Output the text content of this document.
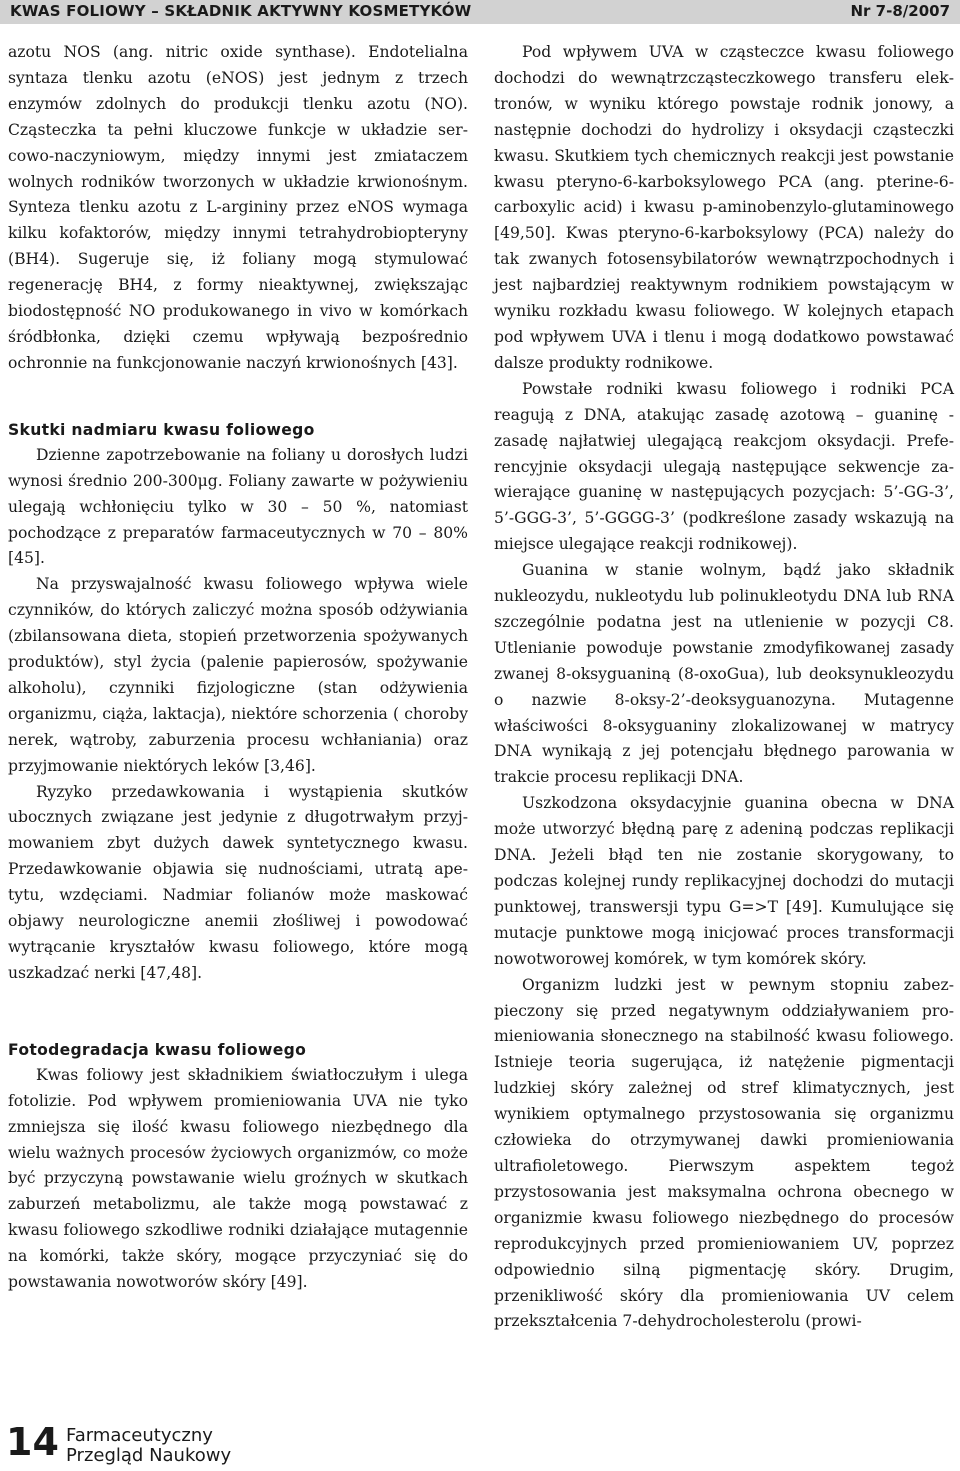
KWAS FOLIOWY – SKŁADNIK AKTYWNY KOSMETYKÓW	Nr 7-8/2007

azotu NOS (ang. nitric oxide synthase). Endotelialna syntaza tlenku azotu (eNOS) jest jednym z trzech enzymów zdolnych do produkcji tlenku azotu (NO). Cząsteczka ta pełni kluczowe funkcje w układzie sercowo-naczyniowym, między innymi jest zmiataczem wolnych rodników tworzonych w układzie krwionośnym. Synteza tlenku azotu z L-argininy przez eNOS wymaga kilku kofaktorów, między innymi tetrahydrobiopteryny (BH4). Sugeruje się, iż foliany mogą stymulować regenerację BH4, z formy nieaktywnej, zwiększając biodostępność NO produkowanego in vivo w komórkach śródbłonka, dzięki czemu wpływają bezpośrednio ochronnie na funkcjonowanie naczyń krwionośnych [43].

Skutki nadmiaru kwasu foliowego

Dzienne zapotrzebowanie na foliany u dorosłych ludzi wynosi średnio 200-300μg. Foliany zawarte w pożywieniu ulegają wchłonięciu tylko w 30 – 50 %, natomiast pochodzące z preparatów farmaceutycznych w 70 – 80% [45].

Na przyswajalność kwasu foliowego wpływa wiele czynników, do których zaliczyć można sposób odżywiania (zbilansowana dieta, stopień przetworzenia spożywanych produktów), styl życia (palenie papierosów, spożywanie alkoholu), czynniki fizjologiczne (stan odżywienia organizmu, ciąża, laktacja), niektóre schorzenia ( choroby nerek, wątroby, zaburzenia procesu wchłaniania) oraz przyjmowanie niektórych leków [3,46].

Ryzyko przedawkowania i wystąpienia skutków ubocznych związane jest jedynie z długotrwałym przyjmowaniem zbyt dużych dawek syntetycznego kwasu. Przedawkowanie objawia się nudnościami, utratą apetytu, wzdęciami. Nadmiar folianów może maskować objawy neurologiczne anemii złośliwej i powodować wytrącanie kryształów kwasu foliowego, które mogą uszkadzać nerki [47,48].

Fotodegradacja kwasu foliowego

Kwas foliowy jest składnikiem światłoczułym i ulega fotolizie. Pod wpływem promieniowania UVA nie tyko zmniejsza się ilość kwasu foliowego niezbędnego dla wielu ważnych procesów życiowych organizmów, co może być przyczyną powstawanie wielu groźnych w skutkach zaburzeń metabolizmu, ale także mogą powstawać z kwasu foliowego szkodliwe rodniki działające mutagennie na komórki, także skóry, mogące przyczyniać się do powstawania nowotworów skóry [49].

Pod wpływem UVA w cząsteczce kwasu foliowego dochodzi do wewnątrzcząsteczkowego transferu elektronów, w wyniku którego powstaje rodnik jonowy, a następnie dochodzi do hydrolizy i oksydacji cząsteczki kwasu. Skutkiem tych chemicznych reakcji jest powstanie kwasu pteryno-6-karboksylowego PCA (ang. pterine-6-carboxylic acid) i kwasu p-aminobenzylo-glutaminowego [49,50]. Kwas pteryno-6-karboksylowy (PCA) należy do tak zwanych fotosensybilatorów wewnątrzpochodnych i jest najbardziej reaktywnym rodnikiem powstającym w wyniku rozkładu kwasu foliowego. W kolejnych etapach pod wpływem UVA i tlenu i mogą dodatkowo powstawać dalsze produkty rodnikowe.

Powstałe rodniki kwasu foliowego i rodniki PCA reagują z DNA, atakując zasadę azotową – guaninę - zasadę najłatwiej ulegającą reakcjom oksydacji. Preferencyjnie oksydacji ulegają następujące sekwencje zawierające guaninę w następujących pozycjach: 5’-GG-3’, 5’-GGG-3’, 5’-GGGG-3’ (podkreślone zasady wskazują na miejsce ulegające reakcji rodnikowej).

Guanina w stanie wolnym, bądź jako składnik nukleozydu, nukleotydu lub polinukleotydu DNA lub RNA szczególnie podatna jest na utlenienie w pozycji C8. Utlenianie powoduje powstanie zmodyfikowanej zasady zwanej 8-oksyguaniną (8-oxoGua), lub deoksynukleozydu o nazwie 8-oksy-2’-deoksyguanozyna. Mutagenne właściwości 8-oksyguaniny zlokalizowanej w matrycy DNA wynikają z jej potencjału błędnego parowania w trakcie procesu replikacji DNA.

Uszkodzona oksydacyjnie guanina obecna w DNA może utworzyć błędną parę z adeniną podczas replikacji DNA. Jeżeli błąd ten nie zostanie skorygowany, to podczas kolejnej rundy replikacyjnej dochodzi do mutacji punktowej, transwersji typu G=>T [49]. Kumulujące się mutacje punktowe mogą inicjować proces transformacji nowotworowej komórek, w tym komórek skóry.

Organizm ludzki jest w pewnym stopniu zabezpieczony się przed negatywnym oddziaływaniem promieniowania słonecznego na stabilność kwasu foliowego. Istnieje teoria sugerująca, iż natężenie pigmentacji ludzkiej skóry zależnej od stref klimatycznych, jest wynikiem optymalnego przystosowania się organizmu człowieka do otrzymywanej dawki promieniowania ultrafioletowego. Pierwszym aspektem tegoż przystosowania jest maksymalna ochrona obecnego w organizmie kwasu foliowego niezbędnego do procesów reprodukcyjnych przed promieniowaniem UV, poprzez odpowiednio silną pigmentację skóry. Drugim, przenikliwość skóry dla promieniowania UV celem przekształcenia 7-dehydrocholesterolu (prowi-

14 Farmaceutyczny
Przegląd Naukowy
